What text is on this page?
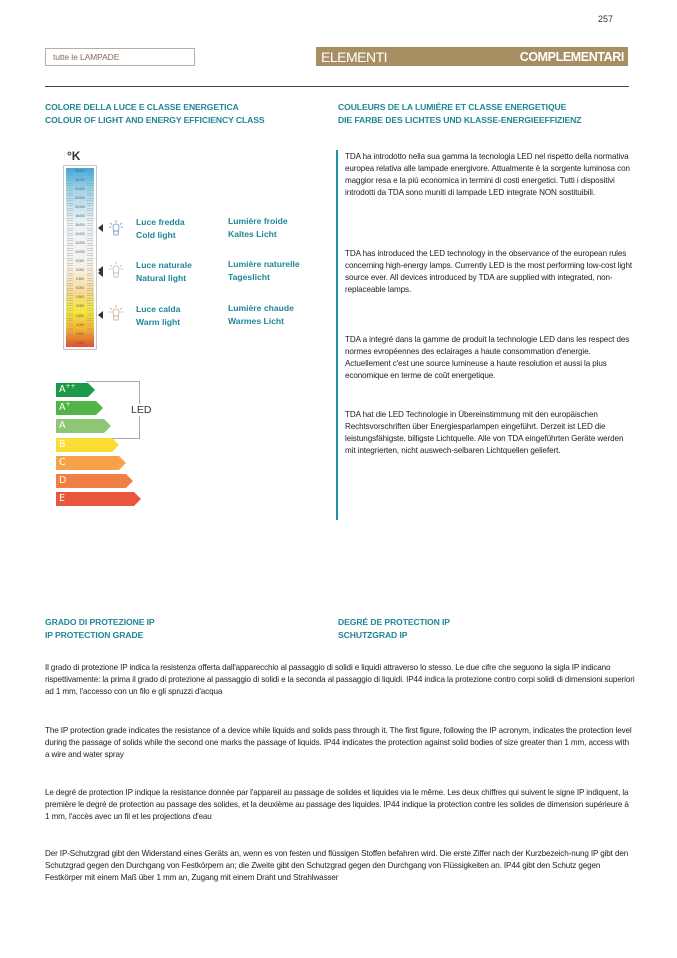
257
tutte le LAMPADE	ELEMENTI	COMPLEMENTARI
COLORE DELLA LUCE E CLASSE ENERGETICA
COLOUR OF LIGHT AND ENERGY EFFICIENCY CLASS
COULEURS DE LA LUMIÉRE ET CLASSE ENERGETIQUE
DIE FARBE DES LICHTES UND KLASSE-ENERGIEEFFIZIENZ
°K
28.000
26.000
24.000
22.000
20.000
18.000
16.000
14.000
12.000
10.000
8.000
6.000
5.500
5.000
4.500
4.000
3.500
3.000
2.500
2.000
Luce fredda
Cold light
Lumière froide
Kaltes Licht
Luce naturale
Natural light
Lumière naturelle
Tageslicht
Luce calda
Warm light
Lumière chaude
Warmes Licht
LED
A++
A+
A
B
C
D
E
TDA ha introdotto nella sua gamma la tecnologia LED nel rispetto della normativa europea relativa alle lampade energivore. Attualmente è la sorgente luminosa con maggior resa e la più economica in termini di costi energetici. Tutti i dispositivi introdotti da TDA sono muniti di lampade LED integrate NON sostituibili.
TDA has introduced the LED technology in the observance of the european rules concerning high-energy lamps. Currently LED is the most performing low-cost light source ever. All devices introduced by TDA are supplied with integrated, non-replaceable lamps.
TDA a integré dans la gamme de produit la technologie LED dans les respect des normes evropéennes des eclairages a haute consommation d'energie. Actuellement c'est une source lumineuse a haute resolution et aussi la plus economique en terme de coût energetique.
TDA hat die LED Technologie in Übereinstimmung mit den europäischen Rechtsvorschriften über Energiesparlampen eingeführt. Derzeit ist LED die leistungsfähigste, billigste Lichtquelle. Alle von TDA eingeführten Geräte werden mit integrierten, nicht auswech-selbaren Lichtquellen geliefert.
GRADO DI PROTEZIONE IP
IP PROTECTION GRADE
DEGRÉ DE PROTECTION IP
SCHUTZGRAD IP
Il grado di protezione IP indica la resistenza offerta dall'apparecchio al passaggio di solidi e liquidi attraverso lo stesso. Le due cifre che seguono la sigla IP indicano rispettivamente: la prima il grado di protezione al passaggio di solidi e la seconda al passaggio di liquidi. IP44 indica la protezione contro corpi solidi di dimensioni superiori ad 1 mm, l'accesso con un filo e gli spruzzi d'acqua
The IP protection grade indicates the resistance of a device while liquids and solids pass through it. The first figure, following the IP acronym, indicates the protection level during the passage of solids while the second one marks the passage of liquids. IP44 indicates the protection against solid bodies of size greater than 1 mm, access with a wire and water spray
Le degré de protection IP indique la resistance donnée par l'appareil au passage de solides et liquides via le même. Les deux chiffres qui suivent le signe IP indiquent, la première le degré de protection au passage des solides, et la deuxième au passage des liquides. IP44 indique la protection contre les solides de dimension supérieure à 1 mm, l'accès avec un fil et les projections d'eau
Der IP-Schutzgrad gibt den Widerstand eines Geräts an, wenn es von festen und flüssigen Stoffen befahren wird. Die erste Ziffer nach der Kurzbezeich-nung IP gibt den Schutzgrad gegen den Durchgang von Festkörpern an; die Zweite gibt den Schutzgrad gegen den Durchgang von Flüssigkeiten an. IP44 gibt den Schutz gegen Festkörper mit einem Maß über 1 mm an, Zugang mit einem Draht und Strahlwasser
